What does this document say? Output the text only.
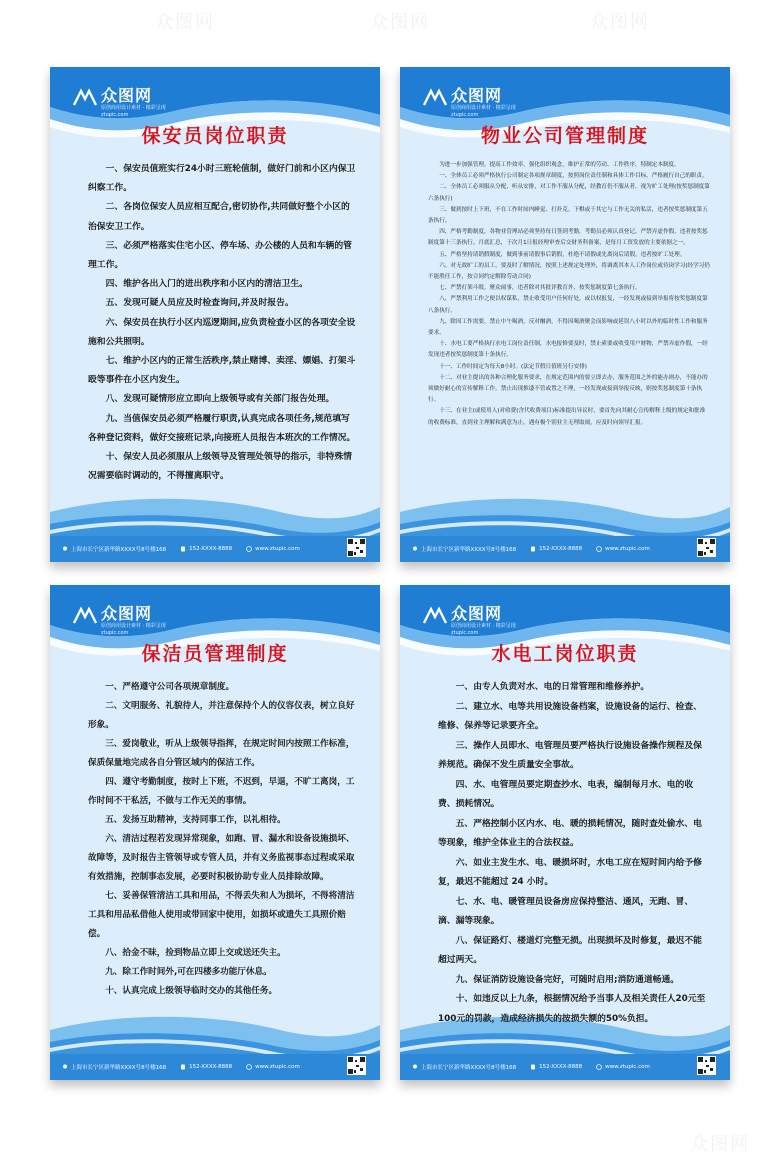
众图网	众图网	众图网
众图网
众图网
原创商用设计素材 · 精彩呈现
ztupic.com
保安员岗位职责

一、保安员值班实行24小时三班轮值制，做好门前和小区内保卫纠察工作。

二、各岗位保安人员应相互配合,密切协作,共同做好整个小区的治保安卫工作。

三、必须严格落实住宅小区、停车场、办公楼的人员和车辆的管理工作。

四、维护各出入门的进出秩序和小区内的清洁卫生。

五、发现可疑人员应及时检查询问,并及时报告。

六、保安员在执行小区内巡逻期间,应负责检查小区的各项安全设施和公共照明。

七、维护小区内的正常生活秩序,禁止赌博、卖淫、嫖娼、打架斗殴等事件在小区内发生。

八、发现可疑情形应立即向上级领导或有关部门报告处理。

九、当值保安员必须严格履行职责,认真完成各项任务,规范填写各种登记资料，做好交接班记录,向接班人员报告本班次的工作情况。

十、保安人员必须服从上级领导及管理处领导的指示，非特殊情况需要临时调动的，不得擅离职守。

上海市长宁区新华路XXXX号8号楼168	152-XXXX-8888	www.ztupic.com
众图网
原创商用设计素材 · 精彩呈现
ztupic.com
物业公司管理制度

为进一步加强管理，提高工作效率，强化组织观念，维护正常的劳动、工作秩序，特制定本制度。

一、全体员工必须严格执行公司制定各项规章制度，按照岗位责任制和具体工作目标，严格履行自己的职责。

二、全体员工必须服从分配，听从安排，对工作不服从分配，经教育仍不服从者，视为旷工处理(按奖惩制度第六条执行)

三、做到按时上下班，不在工作时间内睡觉、打扑克。下棋或干其它与工作无关的私活，违者按奖惩制度第五条执行。

四、严格考勤制度，各物业管理站必须坚持每日签到考勤，考勤员必须认真登记，严禁弄虚作假，违者按奖惩制度第十三条执行。月底汇总，于次月1日报经理审查后交财务科备案，是每月工资发放的主要依据之一。

五、严格坚持请销假制度，做到事前请假事后销假，杜绝不请假或先离岗后请假，违者按旷工处理。

六、对无故旷工的员工，要及时了解情况，按照上述规定处理外，将调离其本人工作岗位或待岗学习(经学习仍不能胜任工作，按合同约定解除劳动合同)

七、严禁打架斗殴，聚众闹事，违者除对其批评教育外，按奖惩制度第七条执行。

八、严禁利用工作之便以权谋私，禁止收受用户任何好处，或以权报复，一经发现或接到举报将按奖惩制度第八条执行。

九、除因工作需要，禁止中午喝酒，反对酗酒，不得因喝酒聚会而影响或延误八小时以外的临时性工作和服务要求。

十、水电工要严格执行水电工岗位责任制，水电报修要及时，禁止索要或收受用户财物，严禁弄虚作假，一经发现违者按奖惩制度第十条执行。

十一、工作时间定为每天8小时。(法定节假日值班另行安排)

十二、对业主提出的各种合理化服务要求，在规定范围内的要立即去办，服务范围之外的能办则办，不能办的须做好耐心的宣传解释工作。禁止出现推诿不管或置之不理，一经发现或接到举报反映，则按奖惩制度第十条执行。

十三、在业主(或使用人)对收费(含代收费项目)标准提出异议时，要首先向其耐心宣传解释上级的规定和批准的收费标准，直到业主理解和满意为止，遇有极个别业主无理取闹，应及时向领导汇报。

上海市长宁区新华路XXXX号8号楼168	152-XXXX-8888	www.ztupic.com
众图网
原创商用设计素材 · 精彩呈现
ztupic.com
保洁员管理制度

一、严格遵守公司各项规章制度。

二、文明服务、礼貌待人，并注意保持个人的仪容仪表，树立良好形象。

三、爱岗敬业，听从上级领导指挥，在规定时间内按照工作标准，保质保量地完成各自分管区域内的保洁工作。

四、遵守考勤制度，按时上下班，不迟到，早退，不旷工离岗，工作时间不干私活，不做与工作无关的事情。

五、发扬互助精神，支持同事工作，以礼相待。

六、清洁过程若发现异常现象，如跑、冒、漏水和设备设施损坏、故障等，及时报告主管领导或专管人员，并有义务监视事态过程或采取有效措施，控制事态发展，必要时积极协助专业人员排除故障。

七、妥善保管清洁工具和用品，不得丢失和人为损坏，不得将清洁工具和用品私借他人使用或带回家中使用，如损坏或遗失工具照价赔偿。

八、拾金不昧，捡到物品立即上交或送还失主。

九、除工作时间外,可在四楼多功能厅休息。

十、认真完成上级领导临时交办的其他任务。

上海市长宁区新华路XXXX号8号楼168	152-XXXX-8888	www.ztupic.com
众图网
原创商用设计素材 · 精彩呈现
ztupic.com
水电工岗位职责

一、由专人负责对水、电的日常管理和维修养护。

二、建立水、电等共用设施设备档案，设施设备的运行、检查、维修、保养等记录要齐全。

三、操作人员即水、电管理员要严格执行设施设备操作规程及保养规范。确保不发生质量安全事故。

四、水、电管理员要定期查抄水、电表，编制每月水、电的收费、损耗情况。

五、严格控制小区内水、电、暖的损耗情况，随时查处偷水、电等现象，维护全体业主的合法权益。

六、如业主发生水、电、暖损坏时，水电工应在短时间内给予修复，最迟不能超过 24 小时。

七、水、电、暖管理员设备房应保持整洁、通风，无跑、冒、滴、漏等现象。

八、保证路灯、楼道灯完整无损。出现损坏及时修复，最迟不能超过两天。

九、保证消防设施设备完好，可随时启用;消防通道畅通。

十、如违反以上九条，根据情况给予当事人及相关责任人20元至100元的罚款，造成经济损失的按损失额的50%负担。

上海市长宁区新华路XXXX号8号楼168	152-XXXX-8888	www.ztupic.com
